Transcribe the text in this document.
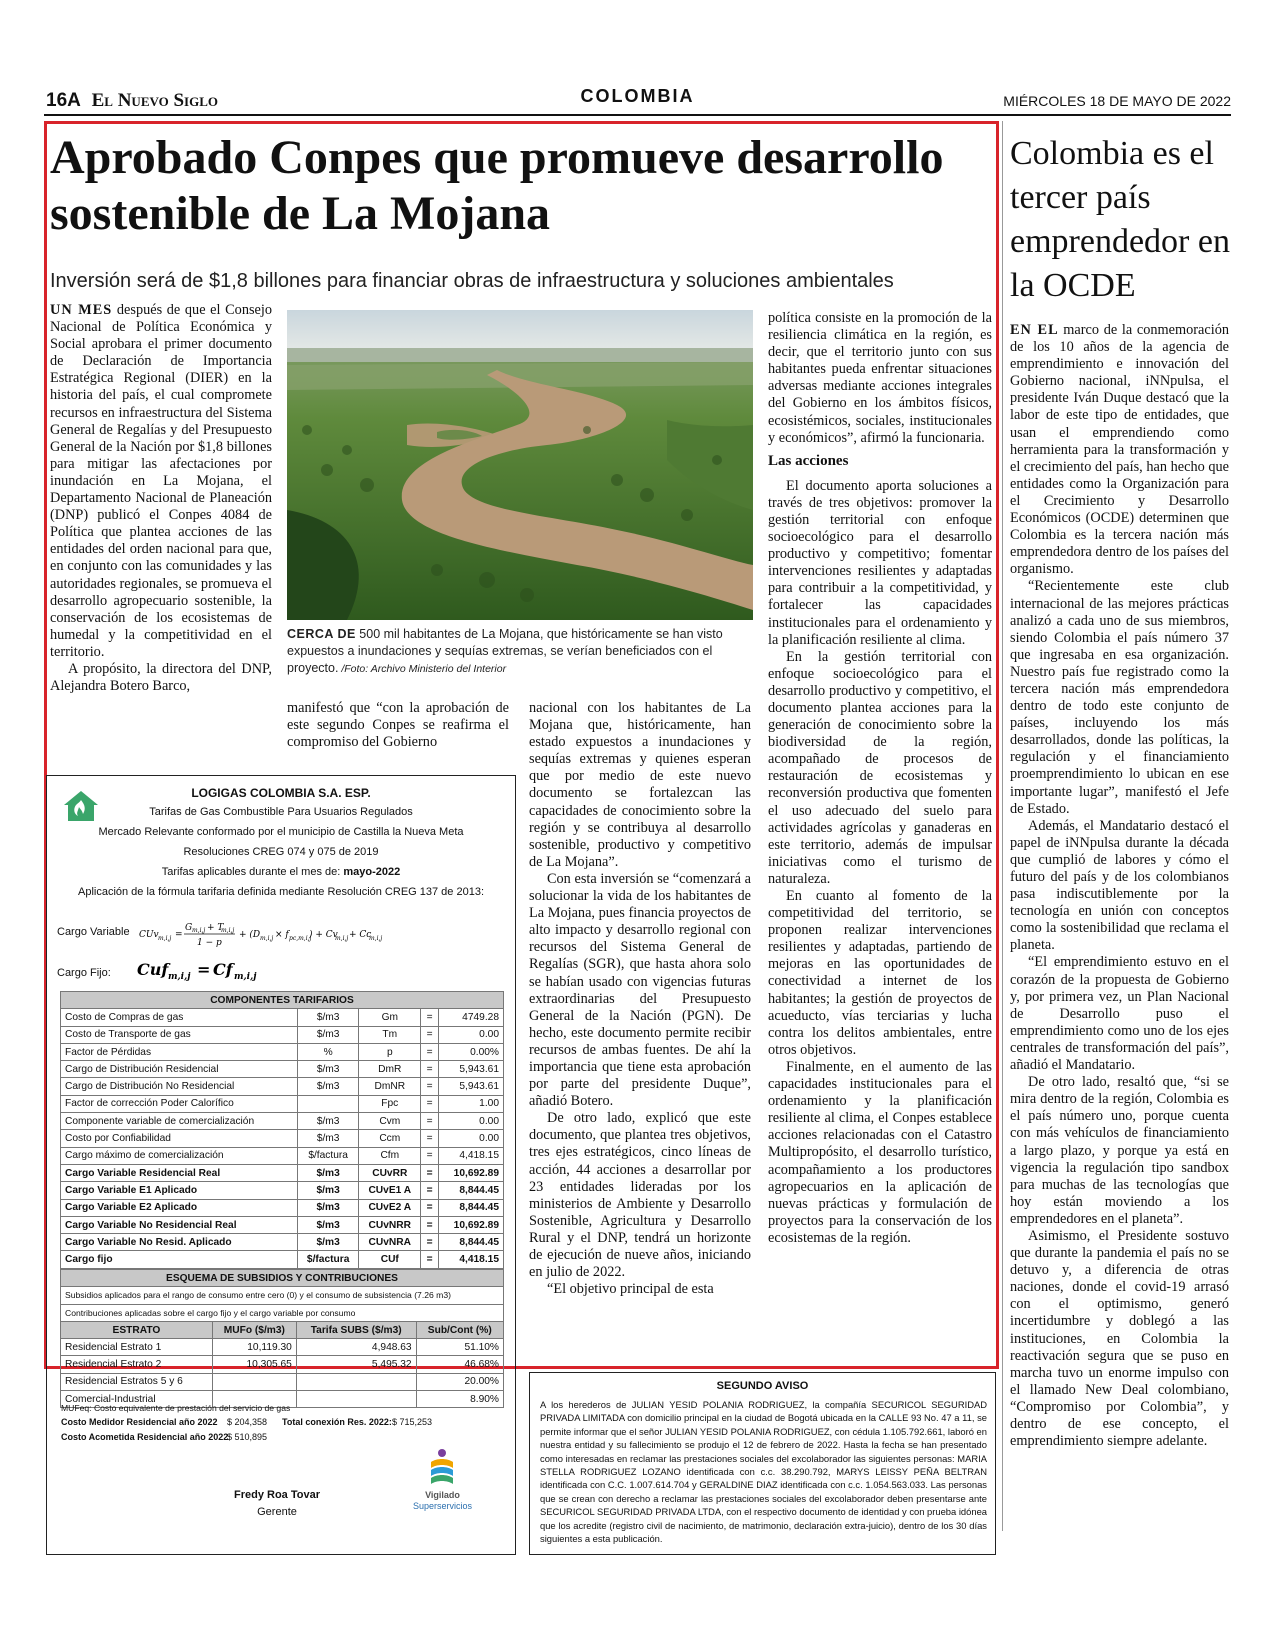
16A El Nuevo Siglo	COLOMBIA	MIÉRCOLES 18 DE MAYO DE 2022
Aprobado Conpes que promueve desarrollo sostenible de La Mojana
Inversión será de $1,8 billones para financiar obras de infraestructura y soluciones ambientales

UN MES después de que el Consejo Nacional de Política Económica y Social aprobara el primer documento de Declaración de Importancia Estratégica Regional (DIER) en la historia del país, el cual compromete recursos en infraestructura del Sistema General de Regalías y del Presupuesto General de la Nación por $1,8 billones para mitigar las afectaciones por inundación en La Mojana, el Departamento Nacional de Planeación (DNP) publicó el Conpes 4084 de Política que plantea acciones de las entidades del orden nacional para que, en conjunto con las comunidades y las autoridades regionales, se promueva el desarrollo agropecuario sostenible, la conservación de los ecosistemas de humedal y la competitividad en el territorio.

A propósito, la directora del DNP, Alejandra Botero Barco,

CERCA DE 500 mil habitantes de La Mojana, que históricamente se han visto expuestos a inundaciones y sequías extremas, se verían beneficiados con el proyecto. /Foto: Archivo Ministerio del Interior

manifestó que “con la aprobación de este segundo Conpes se reafirma el compromiso del Gobierno

nacional con los habitantes de La Mojana que, históricamente, han estado expuestos a inundaciones y sequías extremas y quienes esperan que por medio de este nuevo documento se fortalezcan las capacidades de conocimiento sobre la región y se contribuya al desarrollo sostenible, productivo y competitivo de La Mojana”.

Con esta inversión se “comenzará a solucionar la vida de los habitantes de La Mojana, pues financia proyectos de alto impacto y desarrollo regional con recursos del Sistema General de Regalías (SGR), que hasta ahora solo se habían usado con vigencias futuras extraordinarias del Presupuesto General de la Nación (PGN). De hecho, este documento permite recibir recursos de ambas fuentes. De ahí la importancia que tiene esta aprobación por parte del presidente Duque”, añadió Botero.

De otro lado, explicó que este documento, que plantea tres objetivos, tres ejes estratégicos, cinco líneas de acción, 44 acciones a desarrollar por 23 entidades lideradas por los ministerios de Ambiente y Desarrollo Sostenible, Agricultura y Desarrollo Rural y el DNP, tendrá un horizonte de ejecución de nueve años, iniciando en julio de 2022.

“El objetivo principal de esta

política consiste en la promoción de la resiliencia climática en la región, es decir, que el territorio junto con sus habitantes pueda enfrentar situaciones adversas mediante acciones integrales del Gobierno en los ámbitos físicos, ecosistémicos, sociales, institucionales y económicos”, afirmó la funcionaria.

Las acciones

El documento aporta soluciones a través de tres objetivos: promover la gestión territorial con enfoque socioecológico para el desarrollo productivo y competitivo; fomentar intervenciones resilientes y adaptadas para contribuir a la competitividad, y fortalecer las capacidades institucionales para el ordenamiento y la planificación resiliente al clima.

En la gestión territorial con enfoque socioecológico para el desarrollo productivo y competitivo, el documento plantea acciones para la generación de conocimiento sobre la biodiversidad de la región, acompañado de procesos de restauración de ecosistemas y reconversión productiva que fomenten el uso adecuado del suelo para actividades agrícolas y ganaderas en este territorio, además de impulsar iniciativas como el turismo de naturaleza.

En cuanto al fomento de la competitividad del territorio, se proponen realizar intervenciones resilientes y adaptadas, partiendo de mejoras en las oportunidades de conectividad a internet de los habitantes; la gestión de proyectos de acueducto, vías terciarias y lucha contra los delitos ambientales, entre otros objetivos.

Finalmente, en el aumento de las capacidades institucionales para el ordenamiento y la planificación resiliente al clima, el Conpes establece acciones relacionadas con el Catastro Multipropósito, el desarrollo turístico, acompañamiento a los productores agropecuarios en la aplicación de nuevas prácticas y formulación de proyectos para la conservación de los ecosistemas de la región.

LOGIGAS COLOMBIA S.A. ESP.
Tarifas de Gas Combustible Para Usuarios Regulados
Mercado Relevante conformado por el municipio de Castilla la Nueva Meta
Resoluciones CREG 074 y 075 de 2019
Tarifas aplicables durante el mes de: mayo-2022
Aplicación de la fórmula tarifaria definida mediante Resolución CREG 137 de 2013:
Cargo Variable CUv m,i,j =
G m,i,j + T
m,i,j
1 − p
+ (D m,i,j × f pc,m,i,j
) + Cv
m,i,j + Cc
m,i,j
Cargo Fijo: Cuf m,i,j = Cf m,i,j
COMPONENTES TARIFARIOS				
Costo de Compras de gas	$/m3	Gm	=	4749.28
Costo de Transporte de gas	$/m3	Tm	=	0.00
Factor de Pérdidas	%	p	=	0.00%
Cargo de Distribución Residencial	$/m3	DmR	=	5,943.61
Cargo de Distribución No Residencial	$/m3	DmNR	=	5,943.61
Factor de corrección Poder Calorífico		Fpc	=	1.00
Componente variable de comercialización	$/m3	Cvm	=	0.00
Costo por Confiabilidad	$/m3	Ccm	=	0.00
Cargo máximo de comercialización	$/factura	Cfm	=	4,418.15
Cargo Variable Residencial Real	$/m3	CUvRR	=	10,692.89
Cargo Variable E1 Aplicado	$/m3	CUvE1 A	=	8,844.45
Cargo Variable E2 Aplicado	$/m3	CUvE2 A	=	8,844.45
Cargo Variable No Residencial Real	$/m3	CUvNRR	=	10,692.89
Cargo Variable No Resid. Aplicado	$/m3	CUvNRA	=	8,844.45
Cargo fijo	$/factura	CUf	=	4,418.15
ESQUEMA DE SUBSIDIOS Y CONTRIBUCIONES			
Subsidios aplicados para el rango de consumo entre cero (0) y el consumo de subsistencia (7.26 m3)			
Contribuciones aplicadas sobre el cargo fijo y el cargo variable por consumo			
ESTRATO	MUFo ($/m3)	Tarifa SUBS ($/m3)	Sub/Cont (%)
Residencial Estrato 1	10,119.30	4,948.63	51.10%
Residencial Estrato 2	10,305.65	5,495.32	46.68%
Residencial Estratos 5 y 6			20.00%
Comercial-Industrial			8.90%
MUFeq: Costo equivalente de prestación del servicio de gas
Costo Medidor Residencial año 2022 $ 204,358 Total conexión Res. 2022: $ 715,253
Costo Acometida Residencial año 2022
$ 510,895
Fredy Roa Tovar
Gerente
Vigilado
Superservicios
SEGUNDO AVISO

A los herederos de JULIAN YESID POLANIA RODRIGUEZ, la compañía SECURICOL SEGURIDAD PRIVADA LIMITADA con domicilio principal en la ciudad de Bogotá ubicada en la CALLE 93 No. 47 a 11, se permite informar que el señor JULIAN YESID POLANIA RODRIGUEZ, con cédula 1.105.792.661, laboró en nuestra entidad y su fallecimiento se produjo el 12 de febrero de 2022. Hasta la fecha se han presentado como interesadas en reclamar las prestaciones sociales del excolaborador las siguientes personas: MARIA STELLA RODRIGUEZ LOZANO identificada con c.c. 38.290.792, MARYS LEISSY PEÑA BELTRAN identificada con C.C. 1.007.614.704 y GERALDINE DIAZ identificada con c.c. 1.054.563.033. Las personas que se crean con derecho a reclamar las prestaciones sociales del excolaborador deben presentarse ante SECURICOL SEGURIDAD PRIVADA LTDA, con el respectivo documento de identidad y con prueba idónea que los acredite (registro civil de nacimiento, de matrimonio, declaración extra-juicio), dentro de los 30 días siguientes a esta publicación.

Colombia es el tercer país emprendedor en la OCDE

EN EL marco de la conmemoración de los 10 años de la agencia de emprendimiento e innovación del Gobierno nacional, iNNpulsa, el presidente Iván Duque destacó que la labor de este tipo de entidades, que usan el emprendiendo como herramienta para la transformación y el crecimiento del país, han hecho que entidades como la Organización para el Crecimiento y Desarrollo Económicos (OCDE) determinen que Colombia es la tercera nación más emprendedora dentro de los países del organismo.

“Recientemente este club internacional de las mejores prácticas analizó a cada uno de sus miembros, siendo Colombia el país número 37 que ingresaba en esa organización. Nuestro país fue registrado como la tercera nación más emprendedora dentro de todo este conjunto de países, incluyendo los más desarrollados, donde las políticas, la regulación y el financiamiento proemprendimiento lo ubican en ese importante lugar”, manifestó el Jefe de Estado.

Además, el Mandatario destacó el papel de iNNpulsa durante la década que cumplió de labores y cómo el futuro del país y de los colombianos pasa indiscutiblemente por la tecnología en unión con conceptos como la sostenibilidad que reclama el planeta.

“El emprendimiento estuvo en el corazón de la propuesta de Gobierno y, por primera vez, un Plan Nacional de Desarrollo puso el emprendimiento como uno de los ejes centrales de transformación del país”, añadió el Mandatario.

De otro lado, resaltó que, “si se mira dentro de la región, Colombia es el país número uno, porque cuenta con más vehículos de financiamiento a largo plazo, y porque ya está en vigencia la regulación tipo sandbox para muchas de las tecnologías que hoy están moviendo a los emprendedores en el planeta”.

Asimismo, el Presidente sostuvo que durante la pandemia el país no se detuvo y, a diferencia de otras naciones, donde el covid-19 arrasó con el optimismo, generó incertidumbre y doblegó a las instituciones, en Colombia la reactivación segura que se puso en marcha tuvo un enorme impulso con el llamado New Deal colombiano, “Compromiso por Colombia”, y dentro de ese concepto, el emprendimiento siempre adelante.
